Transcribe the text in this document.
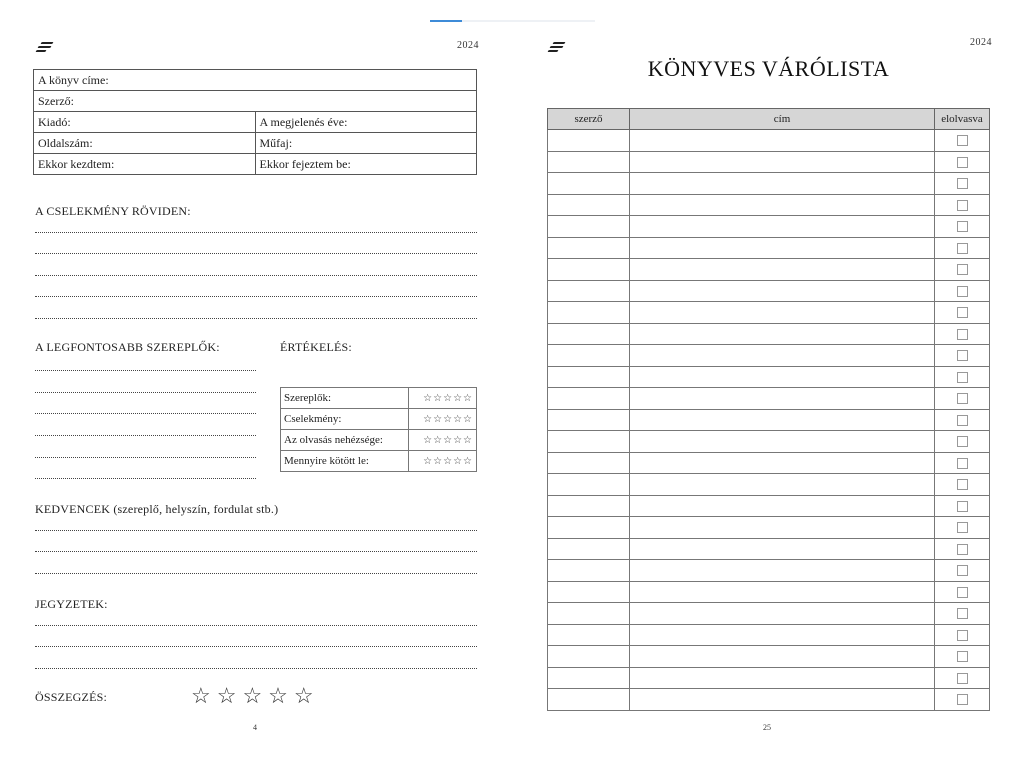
2024
A könyv címe:	
Szerző:	
Kiadó:	A megjelenés éve:
Oldalszám:	Műfaj:
Ekkor kezdtem:	Ekkor fejeztem be:
A CSELEKMÉNY RÖVIDEN:
A LEGFONTOSABB SZEREPLŐK:	ÉRTÉKELÉS:
Szereplők:	☆☆☆☆☆
Cselekmény:	☆☆☆☆☆
Az olvasás nehézsége:	☆☆☆☆☆
Mennyire kötött le:	☆☆☆☆☆
KEDVENCEK (szereplő, helyszín, fordulat stb.)
JEGYZETEK:
ÖSSZEGZÉS:	☆☆☆☆☆
4
2024
KÖNYVES VÁRÓLISTA
szerző	cím	elolvasva

25
